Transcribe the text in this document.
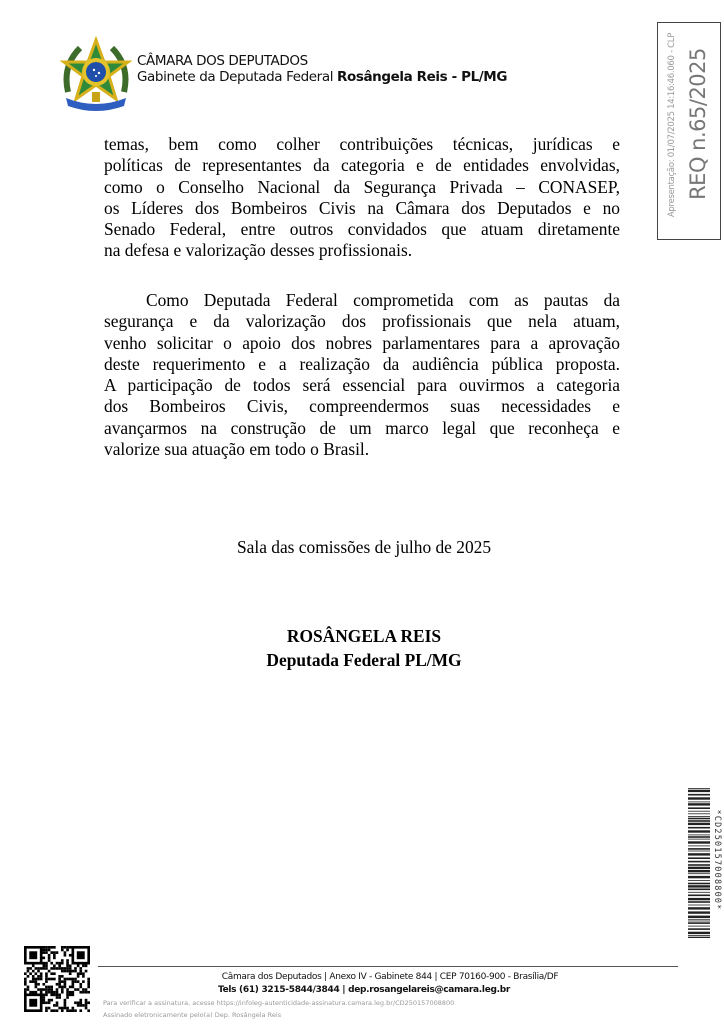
CÂMARA DOS DEPUTADOS
Gabinete da Deputada Federal Rosângela Reis - PL/MG	Apresentação: 01/07/2025 14:16:46.060 - CLP REQ n.65/2025
temas, bem como colher contribuições técnicas, jurídicas e
políticas de representantes da categoria e de entidades envolvidas,
como o Conselho Nacional da Segurança Privada – CONASEP,
os Líderes dos Bombeiros Civis na Câmara dos Deputados e no
Senado Federal, entre outros convidados que atuam diretamente
na defesa e valorização desses profissionais.
Como Deputada Federal comprometida com as pautas da
segurança e da valorização dos profissionais que nela atuam,
venho solicitar o apoio dos nobres parlamentares para a aprovação
deste requerimento e a realização da audiência pública proposta.
A participação de todos será essencial para ouvirmos a categoria
dos Bombeiros Civis, compreendermos suas necessidades e
avançarmos na construção de um marco legal que reconheça e
valorize sua atuação em todo o Brasil.
Sala das comissões de julho de 2025
ROSÂNGELA REIS
Deputada Federal PL/MG
*CD250157008800*
Câmara dos Deputados | Anexo IV - Gabinete 844 | CEP 70160-900 - Brasília/DF
Tels (61) 3215-5844/3844 | dep.rosangelareis@camara.leg.br
Para verificar a assinatura, acesse https://infoleg-autenticidade-assinatura.camara.leg.br/CD250157008800
Assinado eletronicamente pelo(a) Dep. Rosângela Reis
